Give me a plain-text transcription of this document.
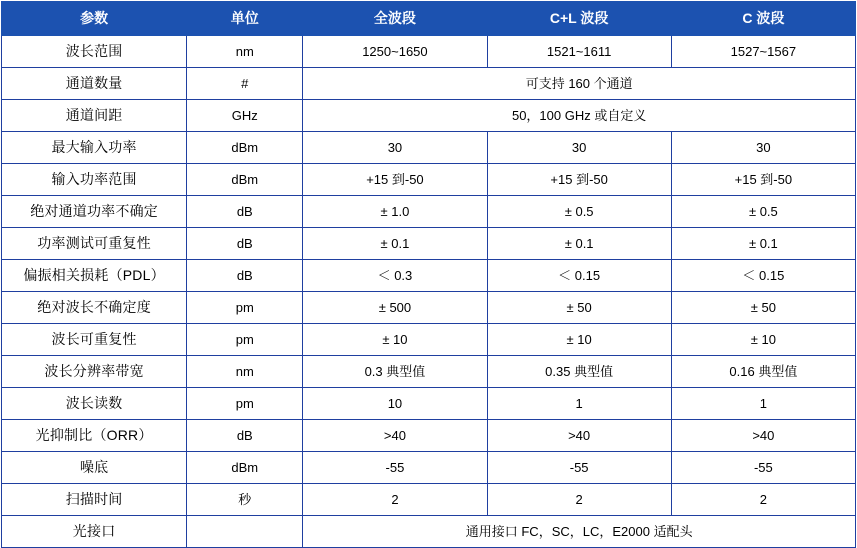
参数	单位	全波段	C+L 波段	C 波段
波长范围	nm	1250~1650	1521~1611	1527~1567
通道数量	#	可支持 160 个通道		
通道间距	GHz	50，100 GHz 或自定义		
最大输入功率	dBm	30	30	30
输入功率范围	dBm	+15 到-50	+15 到-50	+15 到-50
绝对通道功率不确定	dB	± 1.0	± 0.5	± 0.5
功率测试可重复性	dB	± 0.1	± 0.1	± 0.1
偏振相关损耗（PDL）	dB	＜ 0.3	＜ 0.15	＜ 0.15
绝对波长不确定度	pm	± 500	± 50	± 50
波长可重复性	pm	± 10	± 10	± 10
波长分辨率带宽	nm	0.3 典型值	0.35 典型值	0.16 典型值
波长读数	pm	10	1	1
光抑制比（ORR）	dB	>40	>40	>40
噪底	dBm	-55	-55	-55
扫描时间	秒	2	2	2
光接口		通用接口 FC，SC，LC，E2000 适配头		
